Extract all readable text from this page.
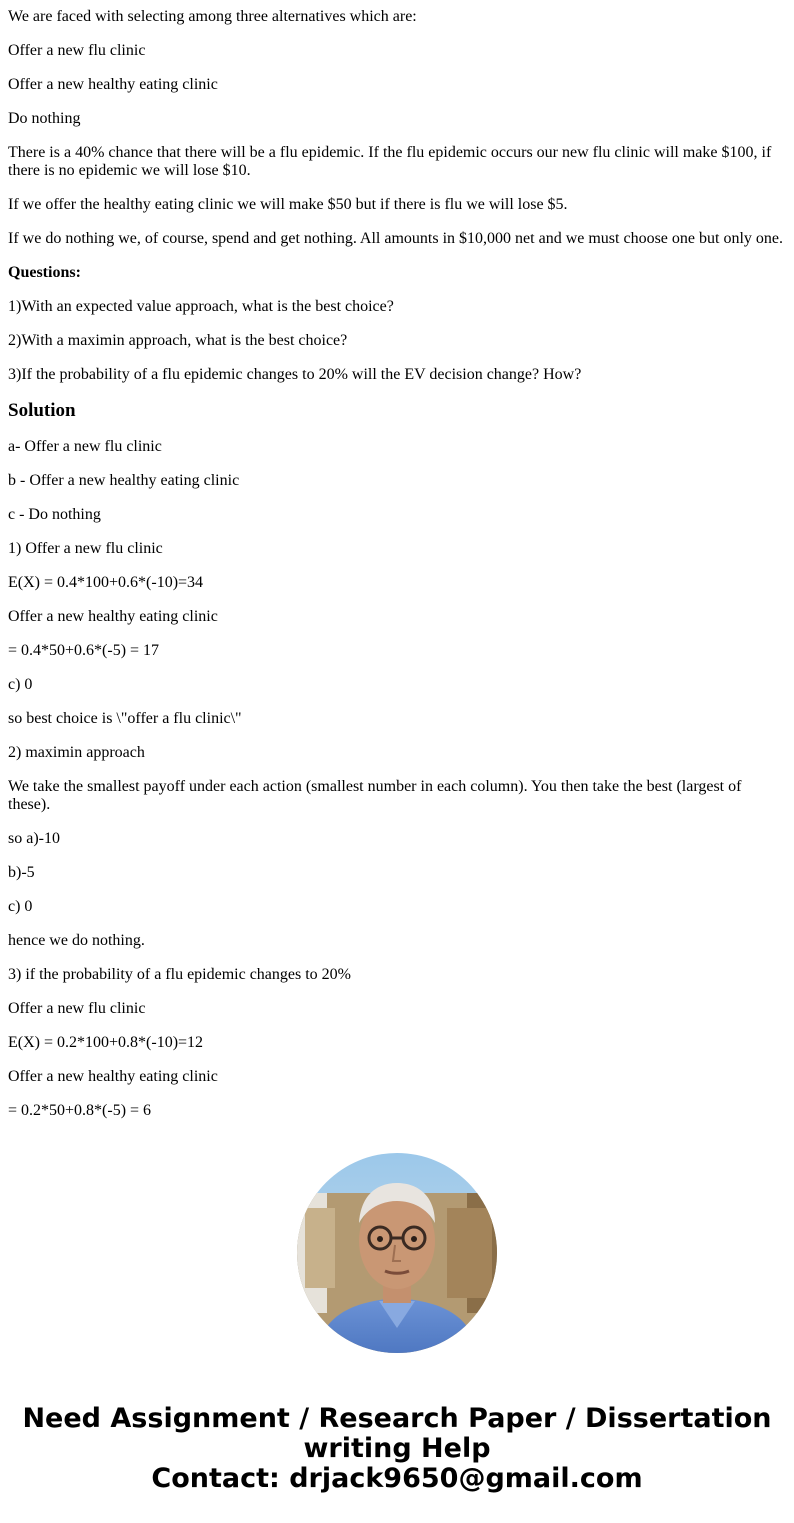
We are faced with selecting among three alternatives which are:

Offer a new flu clinic

Offer a new healthy eating clinic

Do nothing

There is a 40% chance that there will be a flu epidemic. If the flu epidemic occurs our new flu clinic will make $100, if there is no epidemic we will lose $10.

If we offer the healthy eating clinic we will make $50 but if there is flu we will lose $5.

If we do nothing we, of course, spend and get nothing. All amounts in $10,000 net and we must choose one but only one.

Questions:

1)With an expected value approach, what is the best choice?

2)With a maximin approach, what is the best choice?

3)If the probability of a flu epidemic changes to 20% will the EV decision change? How?

Solution

a- Offer a new flu clinic

b - Offer a new healthy eating clinic

c - Do nothing

1) Offer a new flu clinic

E(X) = 0.4*100+0.6*(-10)=34

Offer a new healthy eating clinic

= 0.4*50+0.6*(-5) = 17

c) 0

so best choice is \"offer a flu clinic\"

2) maximin approach

We take the smallest payoff under each action (smallest number in each column). You then take the best (largest of these).

so a)-10

b)-5

c) 0

hence we do nothing.

3) if the probability of a flu epidemic changes to 20%

Offer a new flu clinic

E(X) = 0.2*100+0.8*(-10)=12

Offer a new healthy eating clinic

= 0.2*50+0.8*(-5) = 6

Need Assignment / Research Paper / Dissertation
writing Help
Contact: drjack9650@gmail.com
